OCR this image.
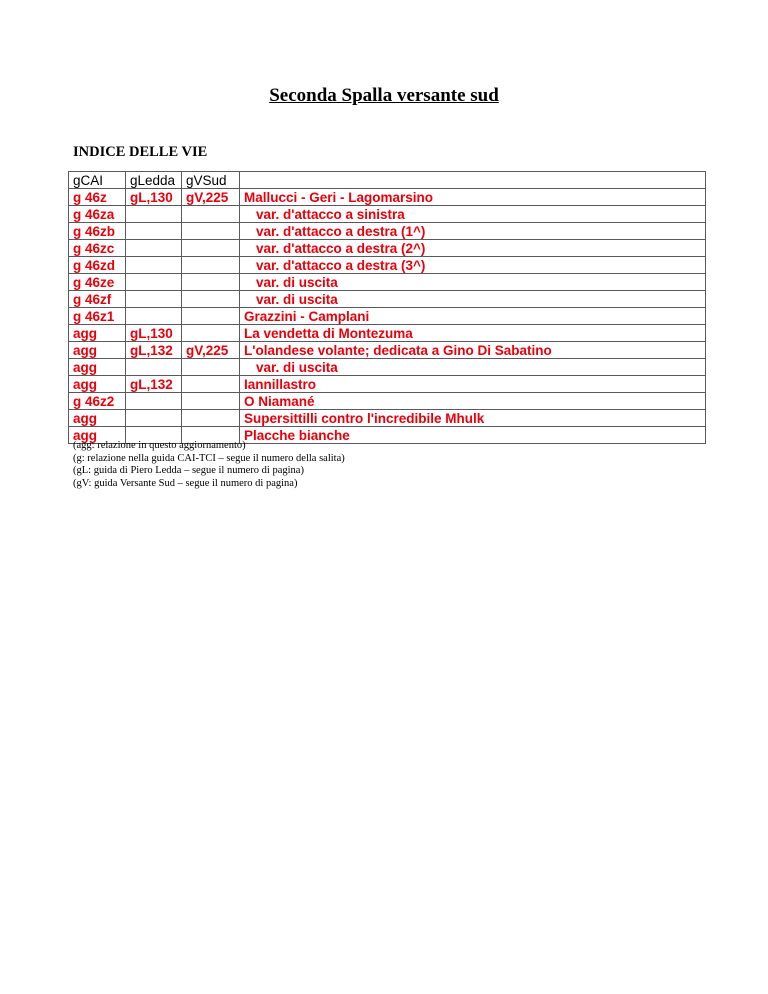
Seconda Spalla versante sud
INDICE DELLE VIE
gCAI	gLedda	gVSud	
g 46z	gL,130	gV,225	Mallucci - Geri - Lagomarsino
g 46za			var. d'attacco a sinistra
g 46zb			var. d'attacco a destra (1^)
g 46zc			var. d'attacco a destra (2^)
g 46zd			var. d'attacco a destra (3^)
g 46ze			var. di uscita
g 46zf			var. di uscita
g 46z1			Grazzini - Camplani
agg	gL,130		La vendetta di Montezuma
agg	gL,132	gV,225	L'olandese volante; dedicata a Gino Di Sabatino
agg			var. di uscita
agg	gL,132		Iannillastro
g 46z2			O Niamané
agg			Supersittilli contro l'incredibile Mhulk
agg			Placche bianche
(agg: relazione in questo aggiornamento)
(g: relazione nella guida CAI-TCI – segue il numero della salita)
(gL: guida di Piero Ledda – segue il numero di pagina)
(gV: guida Versante Sud – segue il numero di pagina)
